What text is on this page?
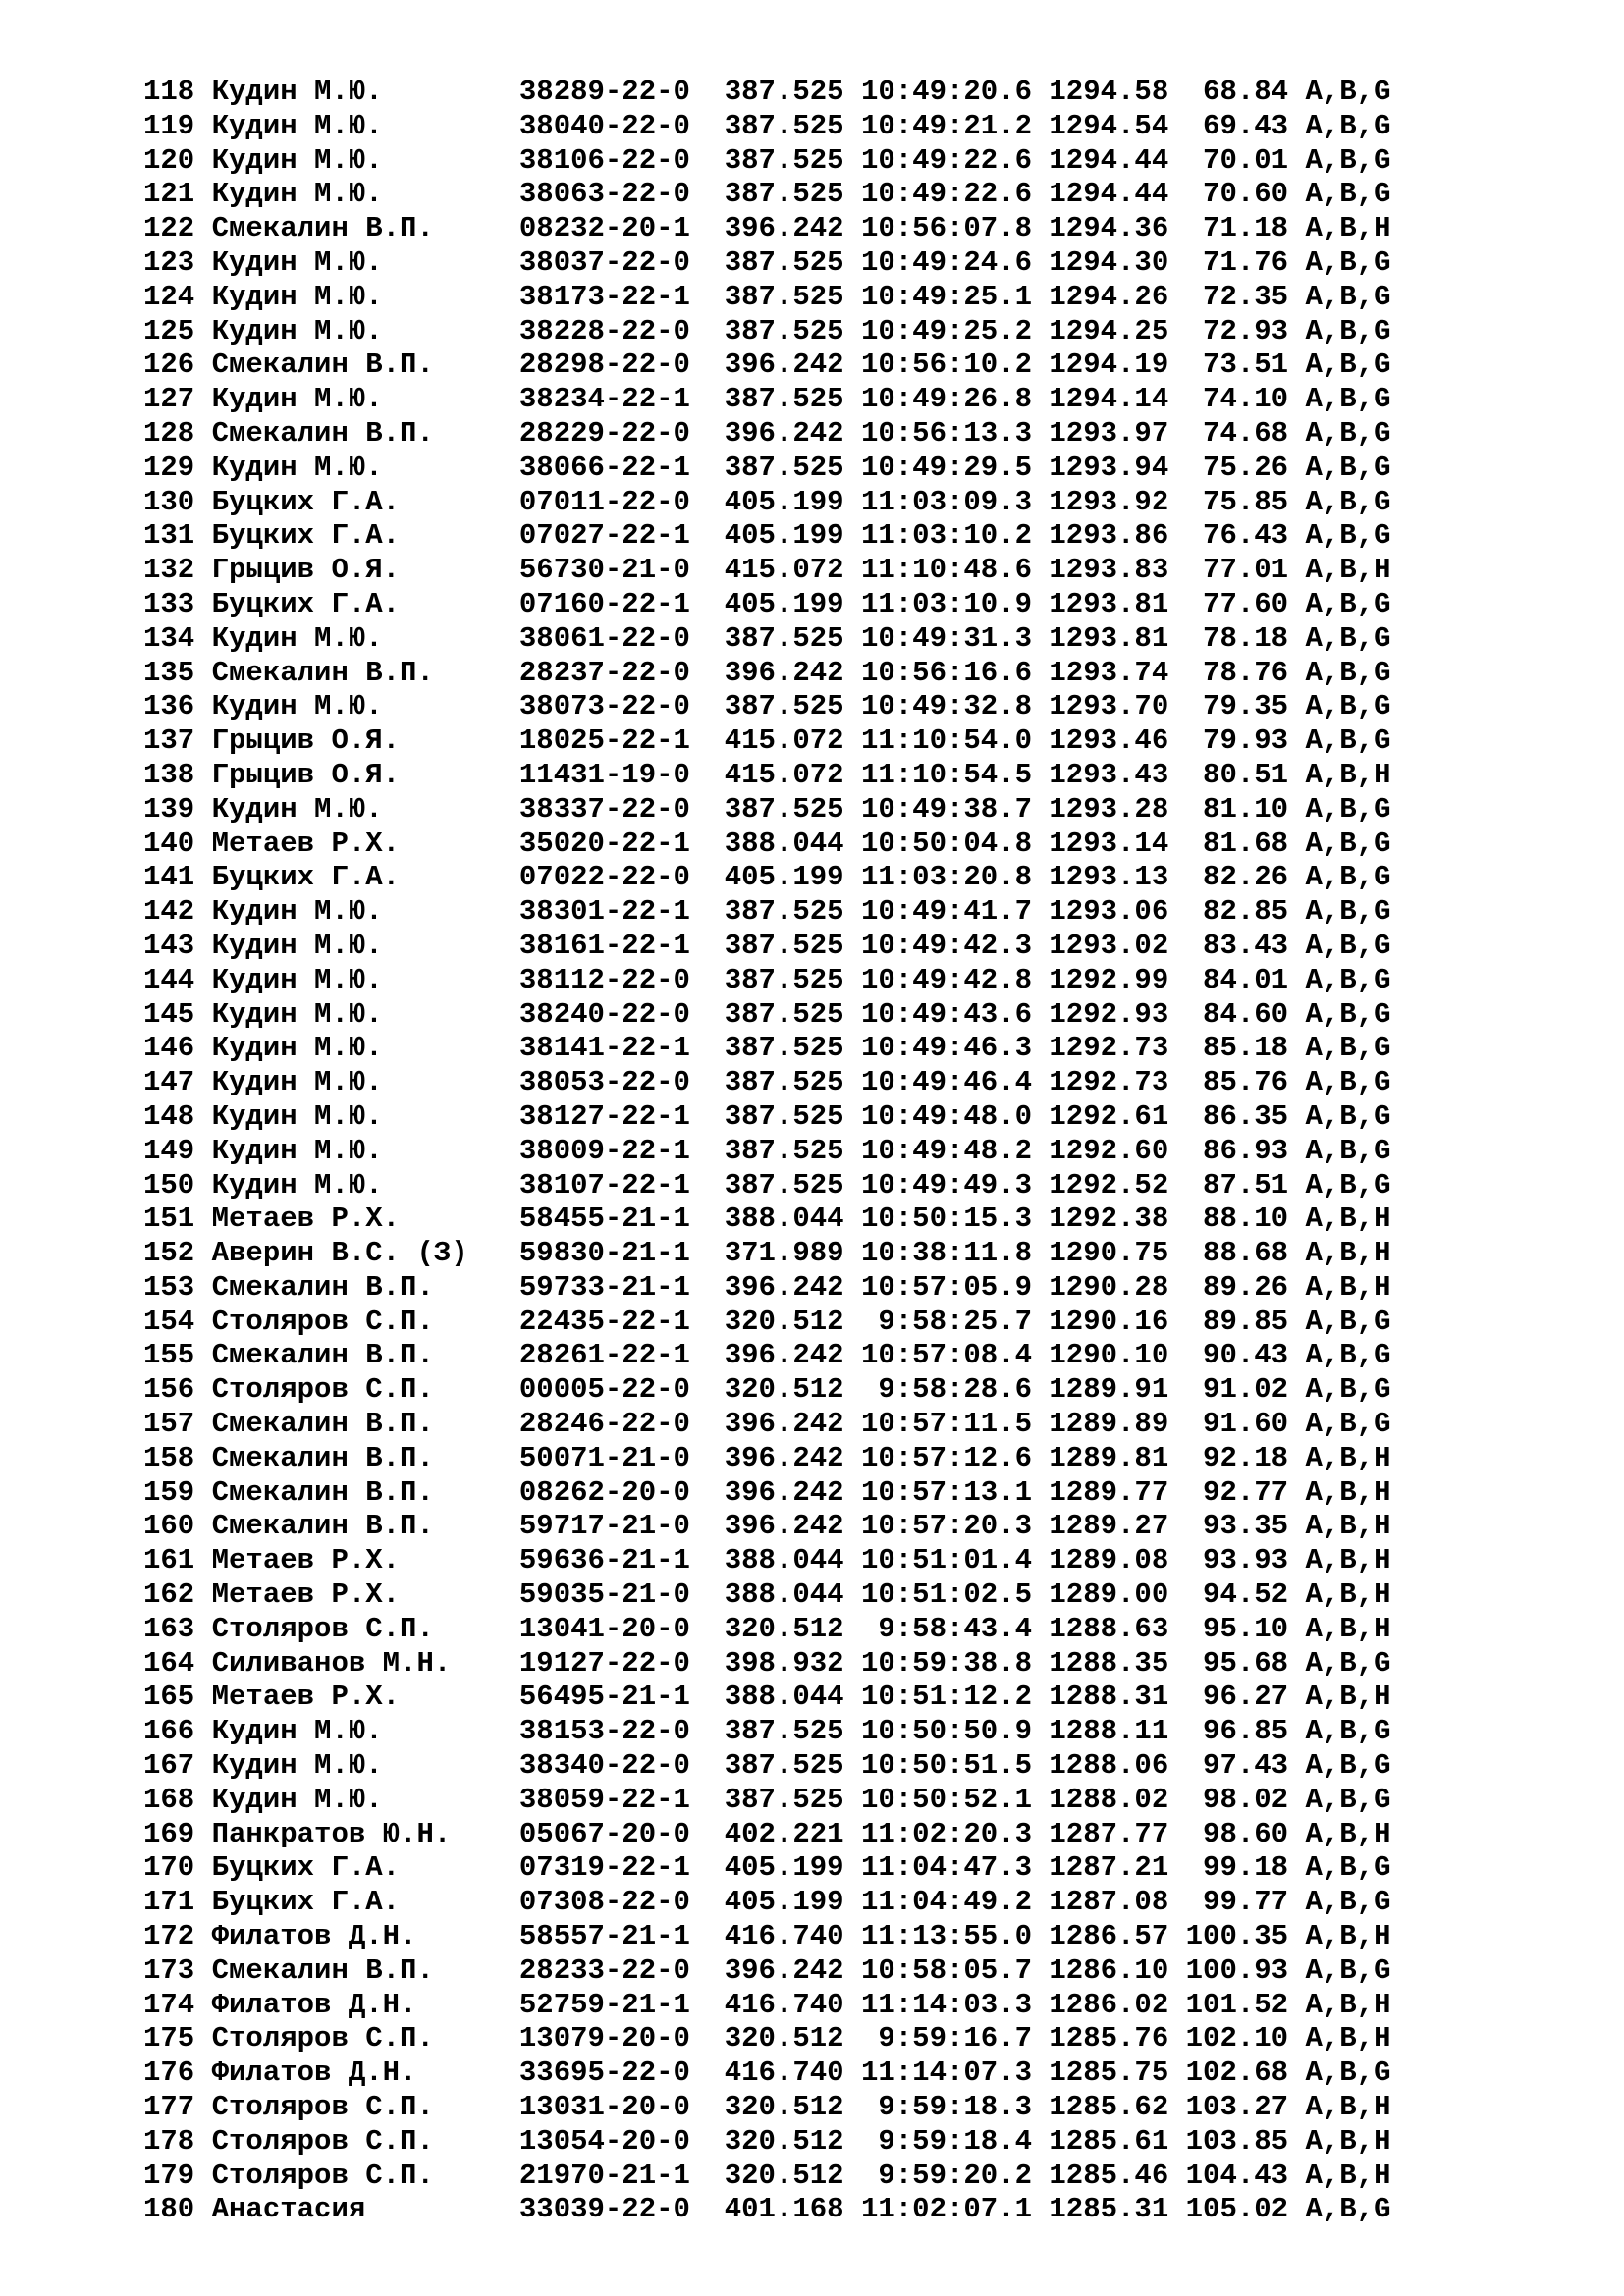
118 Кудин М.Ю.        38289-22-0 387.525 10:49:20.6 1294.58  68.84 A,B,G
119 Кудин М.Ю.        38040-22-0 387.525 10:49:21.2 1294.54  69.43 A,B,G
120 Кудин М.Ю.        38106-22-0 387.525 10:49:22.6 1294.44  70.01 A,B,G
121 Кудин М.Ю.        38063-22-0 387.525 10:49:22.6 1294.44  70.60 A,B,G
122 Смекалин В.П.     08232-20-1 396.242 10:56:07.8 1294.36  71.18 A,B,H
123 Кудин М.Ю.        38037-22-0 387.525 10:49:24.6 1294.30  71.76 A,B,G
124 Кудин М.Ю.        38173-22-1 387.525 10:49:25.1 1294.26  72.35 A,B,G
125 Кудин М.Ю.        38228-22-0 387.525 10:49:25.2 1294.25  72.93 A,B,G
126 Смекалин В.П.     28298-22-0 396.242 10:56:10.2 1294.19  73.51 A,B,G
127 Кудин М.Ю.        38234-22-1 387.525 10:49:26.8 1294.14  74.10 A,B,G
128 Смекалин В.П.     28229-22-0 396.242 10:56:13.3 1293.97  74.68 A,B,G
129 Кудин М.Ю.        38066-22-1 387.525 10:49:29.5 1293.94  75.26 A,B,G
130 Буцких Г.А.       07011-22-0 405.199 11:03:09.3 1293.92  75.85 A,B,G
131 Буцких Г.А.       07027-22-1 405.199 11:03:10.2 1293.86  76.43 A,B,G
132 Грыцив О.Я.       56730-21-0 415.072 11:10:48.6 1293.83  77.01 A,B,H
133 Буцких Г.А.       07160-22-1 405.199 11:03:10.9 1293.81  77.60 A,B,G
134 Кудин М.Ю.        38061-22-0 387.525 10:49:31.3 1293.81  78.18 A,B,G
135 Смекалин В.П.     28237-22-0 396.242 10:56:16.6 1293.74  78.76 A,B,G
136 Кудин М.Ю.        38073-22-0 387.525 10:49:32.8 1293.70  79.35 A,B,G
137 Грыцив О.Я.       18025-22-1 415.072 11:10:54.0 1293.46  79.93 A,B,G
138 Грыцив О.Я.       11431-19-0 415.072 11:10:54.5 1293.43  80.51 A,B,H
139 Кудин М.Ю.        38337-22-0 387.525 10:49:38.7 1293.28  81.10 A,B,G
140 Метаев Р.Х.       35020-22-1 388.044 10:50:04.8 1293.14  81.68 A,B,G
141 Буцких Г.А.       07022-22-0 405.199 11:03:20.8 1293.13  82.26 A,B,G
142 Кудин М.Ю.        38301-22-1 387.525 10:49:41.7 1293.06  82.85 A,B,G
143 Кудин М.Ю.        38161-22-1 387.525 10:49:42.3 1293.02  83.43 A,B,G
144 Кудин М.Ю.        38112-22-0 387.525 10:49:42.8 1292.99  84.01 A,B,G
145 Кудин М.Ю.        38240-22-0 387.525 10:49:43.6 1292.93  84.60 A,B,G
146 Кудин М.Ю.        38141-22-1 387.525 10:49:46.3 1292.73  85.18 A,B,G
147 Кудин М.Ю.        38053-22-0 387.525 10:49:46.4 1292.73  85.76 A,B,G
148 Кудин М.Ю.        38127-22-1 387.525 10:49:48.0 1292.61  86.35 A,B,G
149 Кудин М.Ю.        38009-22-1 387.525 10:49:48.2 1292.60  86.93 A,B,G
150 Кудин М.Ю.        38107-22-1 387.525 10:49:49.3 1292.52  87.51 A,B,G
151 Метаев Р.Х.       58455-21-1 388.044 10:50:15.3 1292.38  88.10 A,B,H
152 Аверин В.С. (З)   59830-21-1 371.989 10:38:11.8 1290.75  88.68 A,B,H
153 Смекалин В.П.     59733-21-1 396.242 10:57:05.9 1290.28  89.26 A,B,H
154 Столяров С.П.     22435-22-1 320.512  9:58:25.7 1290.16  89.85 A,B,G
155 Смекалин В.П.     28261-22-1 396.242 10:57:08.4 1290.10  90.43 A,B,G
156 Столяров С.П.     00005-22-0 320.512  9:58:28.6 1289.91  91.02 A,B,G
157 Смекалин В.П.     28246-22-0 396.242 10:57:11.5 1289.89  91.60 A,B,G
158 Смекалин В.П.     50071-21-0 396.242 10:57:12.6 1289.81  92.18 A,B,H
159 Смекалин В.П.     08262-20-0 396.242 10:57:13.1 1289.77  92.77 A,B,H
160 Смекалин В.П.     59717-21-0 396.242 10:57:20.3 1289.27  93.35 A,B,H
161 Метаев Р.Х.       59636-21-1 388.044 10:51:01.4 1289.08  93.93 A,B,H
162 Метаев Р.Х.       59035-21-0 388.044 10:51:02.5 1289.00  94.52 A,B,H
163 Столяров С.П.     13041-20-0 320.512  9:58:43.4 1288.63  95.10 A,B,H
164 Силиванов М.Н.    19127-22-0 398.932 10:59:38.8 1288.35  95.68 A,B,G
165 Метаев Р.Х.       56495-21-1 388.044 10:51:12.2 1288.31  96.27 A,B,H
166 Кудин М.Ю.        38153-22-0 387.525 10:50:50.9 1288.11  96.85 A,B,G
167 Кудин М.Ю.        38340-22-0 387.525 10:50:51.5 1288.06  97.43 A,B,G
168 Кудин М.Ю.        38059-22-1 387.525 10:50:52.1 1288.02  98.02 A,B,G
169 Панкратов Ю.Н.    05067-20-0 402.221 11:02:20.3 1287.77  98.60 A,B,H
170 Буцких Г.А.       07319-22-1 405.199 11:04:47.3 1287.21  99.18 A,B,G
171 Буцких Г.А.       07308-22-0 405.199 11:04:49.2 1287.08  99.77 A,B,G
172 Филатов Д.Н.      58557-21-1 416.740 11:13:55.0 1286.57 100.35 A,B,H
173 Смекалин В.П.     28233-22-0 396.242 10:58:05.7 1286.10 100.93 A,B,G
174 Филатов Д.Н.      52759-21-1 416.740 11:14:03.3 1286.02 101.52 A,B,H
175 Столяров С.П.     13079-20-0 320.512  9:59:16.7 1285.76 102.10 A,B,H
176 Филатов Д.Н.      33695-22-0 416.740 11:14:07.3 1285.75 102.68 A,B,G
177 Столяров С.П.     13031-20-0 320.512  9:59:18.3 1285.62 103.27 A,B,H
178 Столяров С.П.     13054-20-0 320.512  9:59:18.4 1285.61 103.85 A,B,H
179 Столяров С.П.     21970-21-1 320.512  9:59:20.2 1285.46 104.43 A,B,H
180 Анастасия         33039-22-0 401.168 11:02:07.1 1285.31 105.02 A,B,G
